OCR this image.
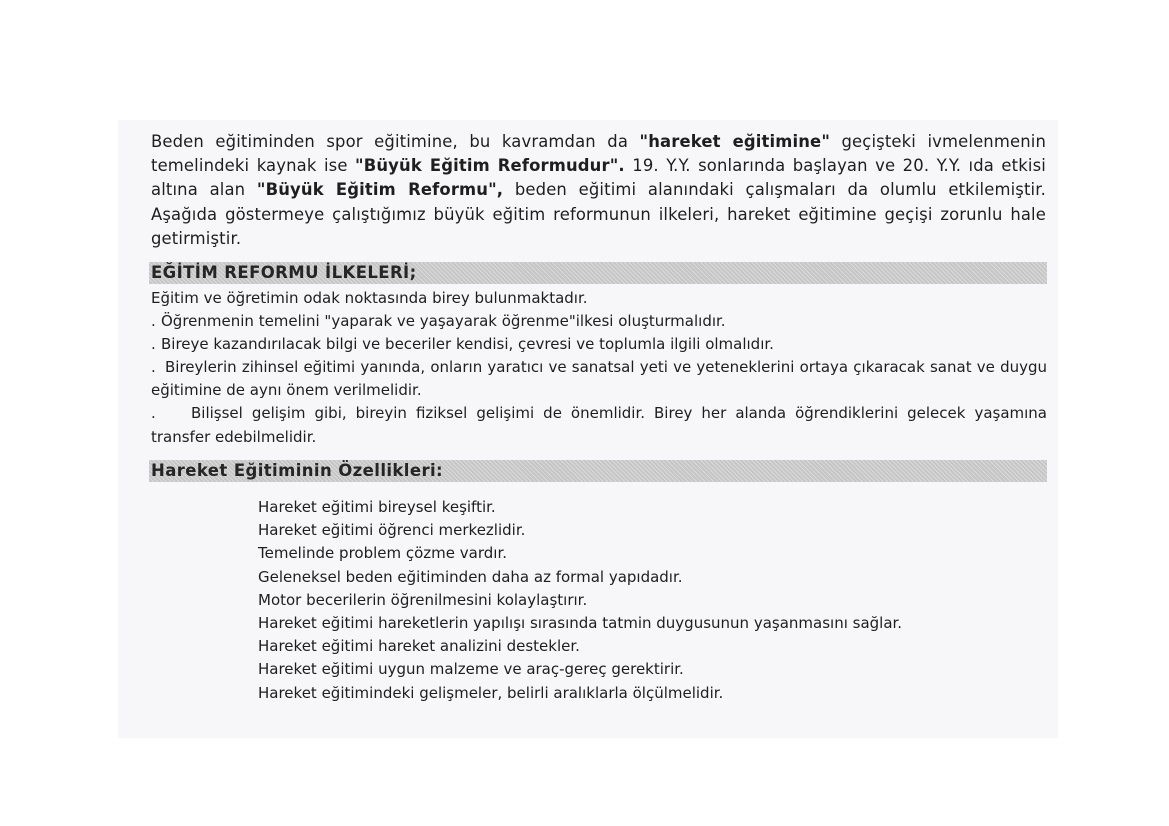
Beden eğitiminden spor eğitimine, bu kavramdan da "hareket eğitimine" geçişteki ivmelenmenin temelindeki kaynak ise "Büyük Eğitim Reformudur". 19. Y.Y. sonlarında başlayan ve 20. Y.Y. ıda etkisi altına alan "Büyük Eğitim Reformu", beden eğitimi alanındaki çalışmaları da olumlu etkilemiştir. Aşağıda göstermeye çalıştığımız büyük eğitim reformunun ilkeleri, hareket eğitimine geçişi zorunlu hale getirmiştir.
EĞİTİM REFORMU İLKELERİ;

Eğitim ve öğretimin odak noktasında birey bulunmaktadır.

. Öğrenmenin temelini "yaparak ve yaşayarak öğrenme"ilkesi oluşturmalıdır.

. Bireye kazandırılacak bilgi ve beceriler kendisi, çevresi ve toplumla ilgili olmalıdır.

. Bireylerin zihinsel eğitimi yanında, onların yaratıcı ve sanatsal yeti ve yeteneklerini ortaya çıkaracak sanat ve duygu eğitimine de aynı önem verilmelidir.

. Bilişsel gelişim gibi, bireyin fiziksel gelişimi de önemlidir. Birey her alanda öğrendiklerini gelecek yaşamına transfer edebilmelidir.

Hareket Eğitiminin Özellikleri:

Hareket eğitimi bireysel keşiftir.

Hareket eğitimi öğrenci merkezlidir.

Temelinde problem çözme vardır.

Geleneksel beden eğitiminden daha az formal yapıdadır.

Motor becerilerin öğrenilmesini kolaylaştırır.

Hareket eğitimi hareketlerin yapılışı sırasında tatmin duygusunun yaşanmasını sağlar.

Hareket eğitimi hareket analizini destekler.

Hareket eğitimi uygun malzeme ve araç-gereç gerektirir.

Hareket eğitimindeki gelişmeler, belirli aralıklarla ölçülmelidir.
